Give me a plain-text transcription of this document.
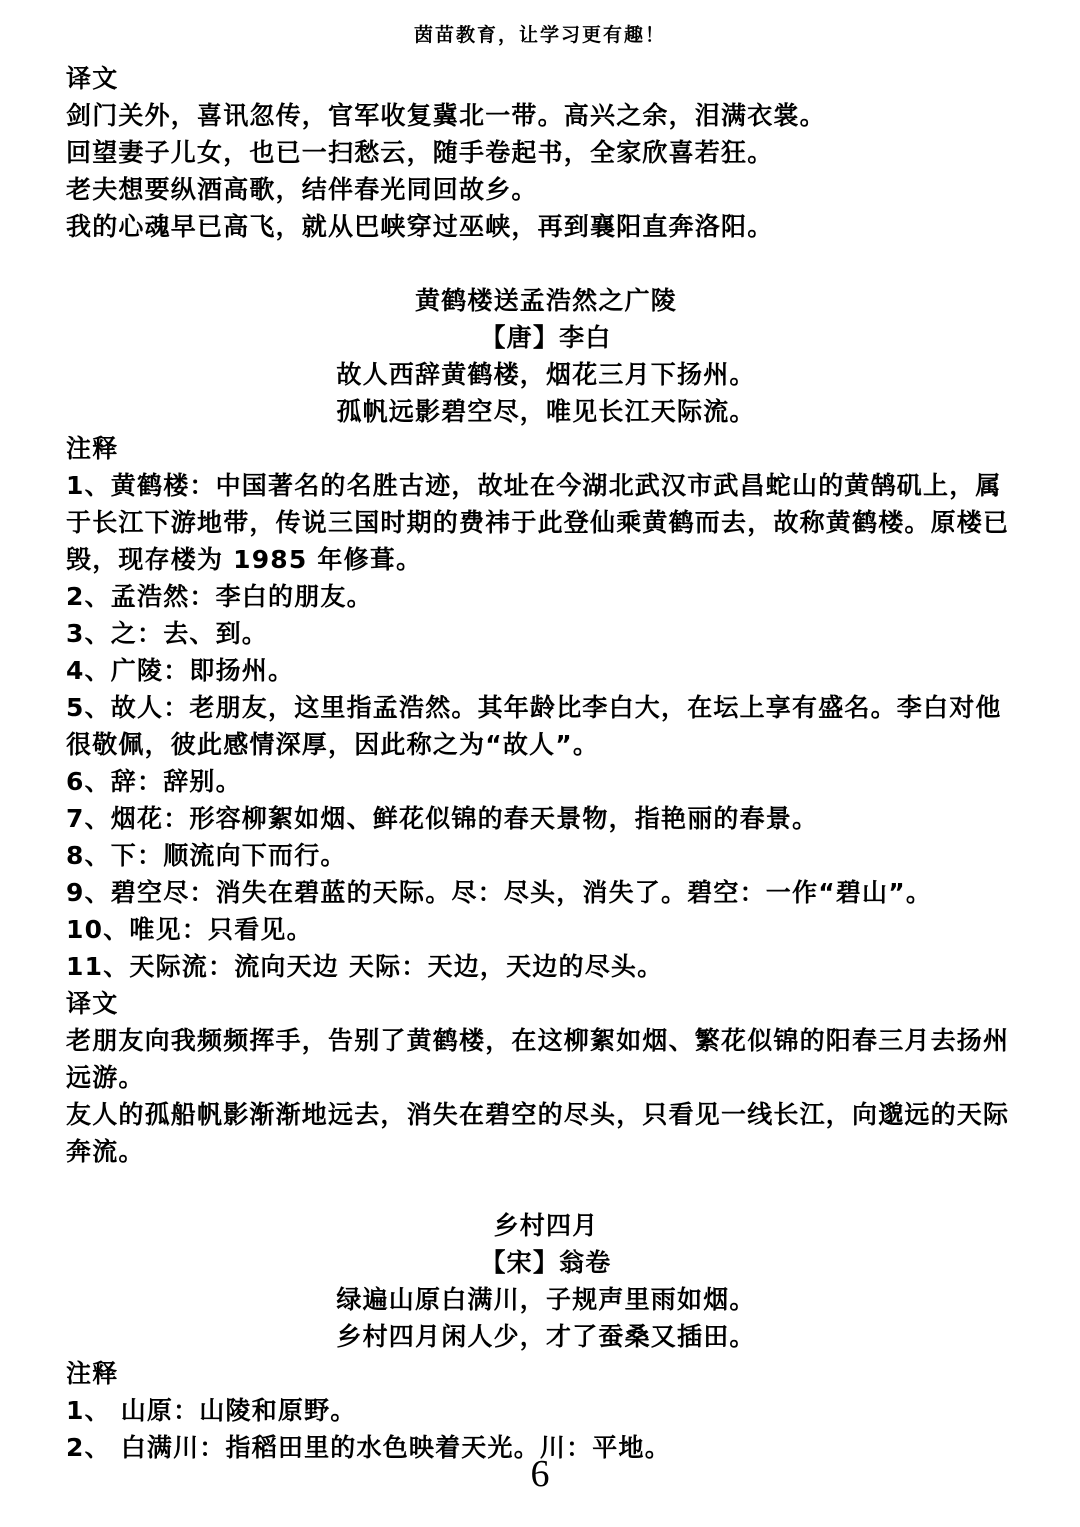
茵苗教育，让学习更有趣！

译文

剑门关外，喜讯忽传，官军收复冀北一带。高兴之余，泪满衣裳。

回望妻子儿女，也已一扫愁云，随手卷起书，全家欣喜若狂。

老夫想要纵酒高歌，结伴春光同回故乡。

我的心魂早已高飞，就从巴峡穿过巫峡，再到襄阳直奔洛阳。

黄鹤楼送孟浩然之广陵

【唐】李白

故人西辞黄鹤楼，烟花三月下扬州。

孤帆远影碧空尽，唯见长江天际流。

注释

1、黄鹤楼：中国著名的名胜古迹，故址在今湖北武汉市武昌蛇山的黄鹄矶上，属于长江下游地带，传说三国时期的费祎于此登仙乘黄鹤而去，故称黄鹤楼。原楼已毁，现存楼为 1985 年修葺。

2、孟浩然：李白的朋友。

3、之：去、到。

4、广陵：即扬州。

5、故人：老朋友，这里指孟浩然。其年龄比李白大，在坛上享有盛名。李白对他很敬佩，彼此感情深厚，因此称之为“故人”。

6、辞：辞别。

7、烟花：形容柳絮如烟、鲜花似锦的春天景物，指艳丽的春景。

8、下：顺流向下而行。

9、碧空尽：消失在碧蓝的天际。尽：尽头，消失了。碧空：一作“碧山”。

10、唯见：只看见。

11、天际流：流向天边 天际：天边，天边的尽头。

译文

老朋友向我频频挥手，告别了黄鹤楼，在这柳絮如烟、繁花似锦的阳春三月去扬州远游。

友人的孤船帆影渐渐地远去，消失在碧空的尽头，只看见一线长江，向邈远的天际奔流。

乡村四月

【宋】翁卷

绿遍山原白满川，子规声里雨如烟。

乡村四月闲人少，才了蚕桑又插田。

注释

1、 山原：山陵和原野。

2、 白满川：指稻田里的水色映着天光。川：平地。

6
